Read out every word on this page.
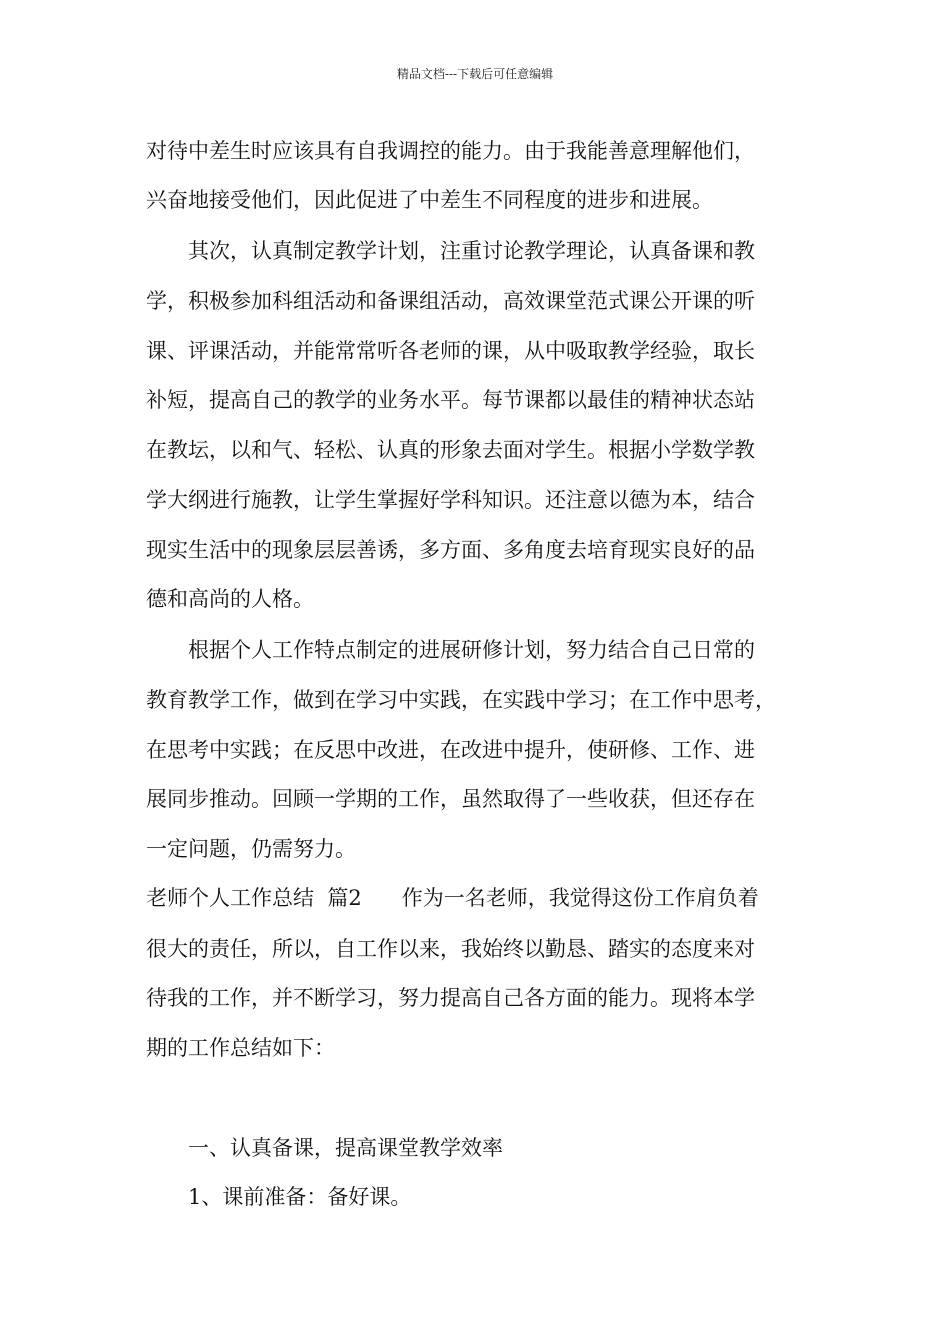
精品文档---下载后可任意编辑
对待中差生时应该具有自我调控的能力。由于我能善意理解他们，
兴奋地接受他们，因此促进了中差生不同程度的进步和进展。
其次，认真制定教学计划，注重讨论教学理论，认真备课和教
学，积极参加科组活动和备课组活动，高效课堂范式课公开课的听
课、评课活动，并能常常听各老师的课，从中吸取教学经验，取长
补短，提高自己的教学的业务水平。每节课都以最佳的精神状态站
在教坛，以和气、轻松、认真的形象去面对学生。根据小学数学教
学大纲进行施教，让学生掌握好学科知识。还注意以德为本，结合
现实生活中的现象层层善诱，多方面、多角度去培育现实良好的品
德和高尚的人格。
根据个人工作特点制定的进展研修计划，努力结合自己日常的
教育教学工作，做到在学习中实践，在实践中学习；在工作中思考，
在思考中实践；在反思中改进，在改进中提升，使研修、工作、进
展同步推动。回顾一学期的工作，虽然取得了一些收获，但还存在
一定问题，仍需努力。
老师个人工作总结  篇2      作为一名老师，我觉得这份工作肩负着
很大的责任，所以，自工作以来，我始终以勤恳、踏实的态度来对
待我的工作，并不断学习，努力提高自己各方面的能力。现将本学
期的工作总结如下：
一、认真备课，提高课堂教学效率
1、课前准备：备好课。
